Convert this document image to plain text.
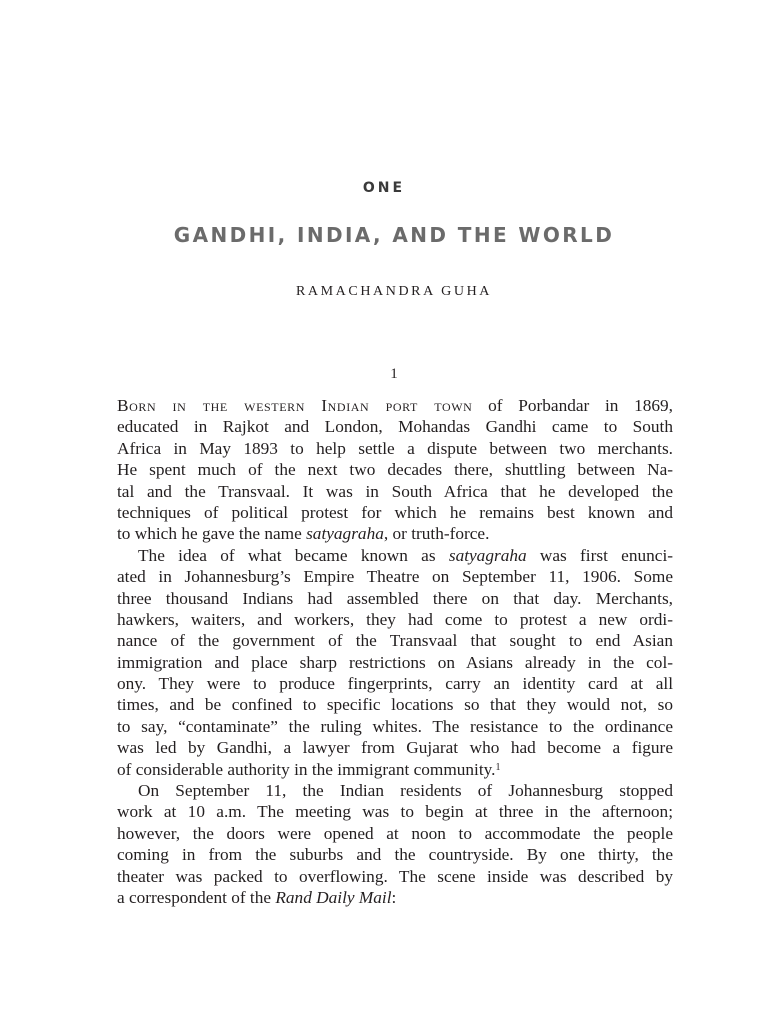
ONE
GANDHI, INDIA, AND THE WORLD
RAMACHANDRA GUHA
1

Born in the western Indian port town of Porbandar in 1869,
educated in Rajkot and London, Mohandas Gandhi came to South
Africa in May 1893 to help settle a dispute between two merchants.
He spent much of the next two decades there, shuttling between Na-
tal and the Transvaal. It was in South Africa that he developed the
techniques of political protest for which he remains best known and
to which he gave the name satyagraha, or truth-force.

The idea of what became known as satyagraha was first enunci-
ated in Johannesburg’s Empire Theatre on September 11, 1906. Some
three thousand Indians had assembled there on that day. Merchants,
hawkers, waiters, and workers, they had come to protest a new ordi-
nance of the government of the Transvaal that sought to end Asian
immigration and place sharp restrictions on Asians already in the col-
ony. They were to produce fingerprints, carry an identity card at all
times, and be confined to specific locations so that they would not, so
to say, “contaminate” the ruling whites. The resistance to the ordinance
was led by Gandhi, a lawyer from Gujarat who had become a figure
of considerable authority in the immigrant community.$^1$

On September 11, the Indian residents of Johannesburg stopped
work at 10 a.m. The meeting was to begin at three in the afternoon;
however, the doors were opened at noon to accommodate the people
coming in from the suburbs and the countryside. By one thirty, the
theater was packed to overflowing. The scene inside was described by
a correspondent of the Rand Daily Mail:
